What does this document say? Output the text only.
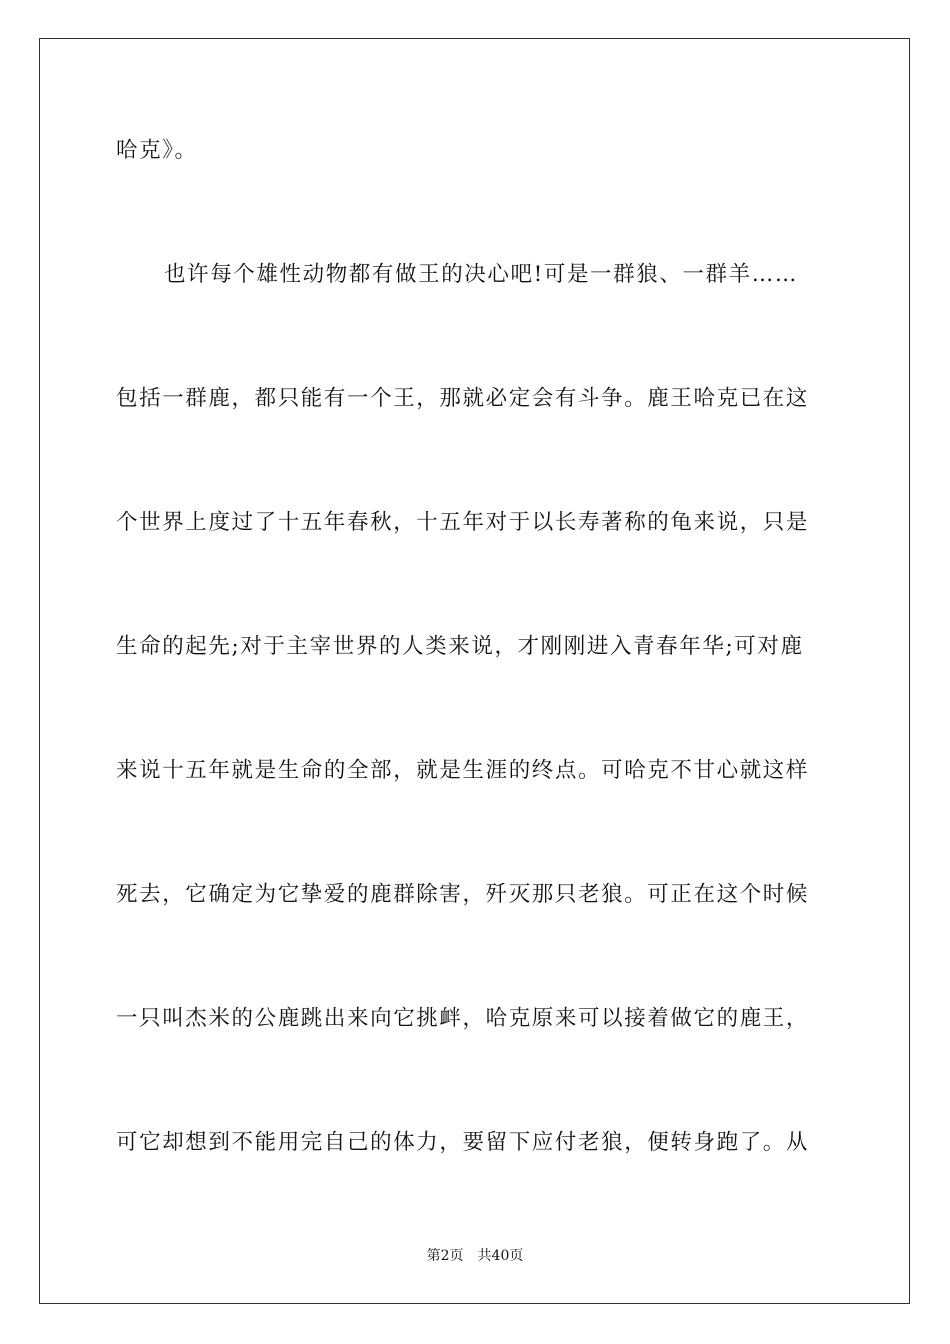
哈克》。
也许每个雄性动物都有做王的决心吧!可是一群狼、一群羊……
包括一群鹿，都只能有一个王，那就必定会有斗争。鹿王哈克已在这
个世界上度过了十五年春秋，十五年对于以长寿著称的龟来说，只是
生命的起先;对于主宰世界的人类来说，才刚刚进入青春年华;可对鹿
来说十五年就是生命的全部，就是生涯的终点。可哈克不甘心就这样
死去，它确定为它挚爱的鹿群除害，歼灭那只老狼。可正在这个时候
一只叫杰米的公鹿跳出来向它挑衅，哈克原来可以接着做它的鹿王，
可它却想到不能用完自己的体力，要留下应付老狼，便转身跑了。从
第2页 共40页
